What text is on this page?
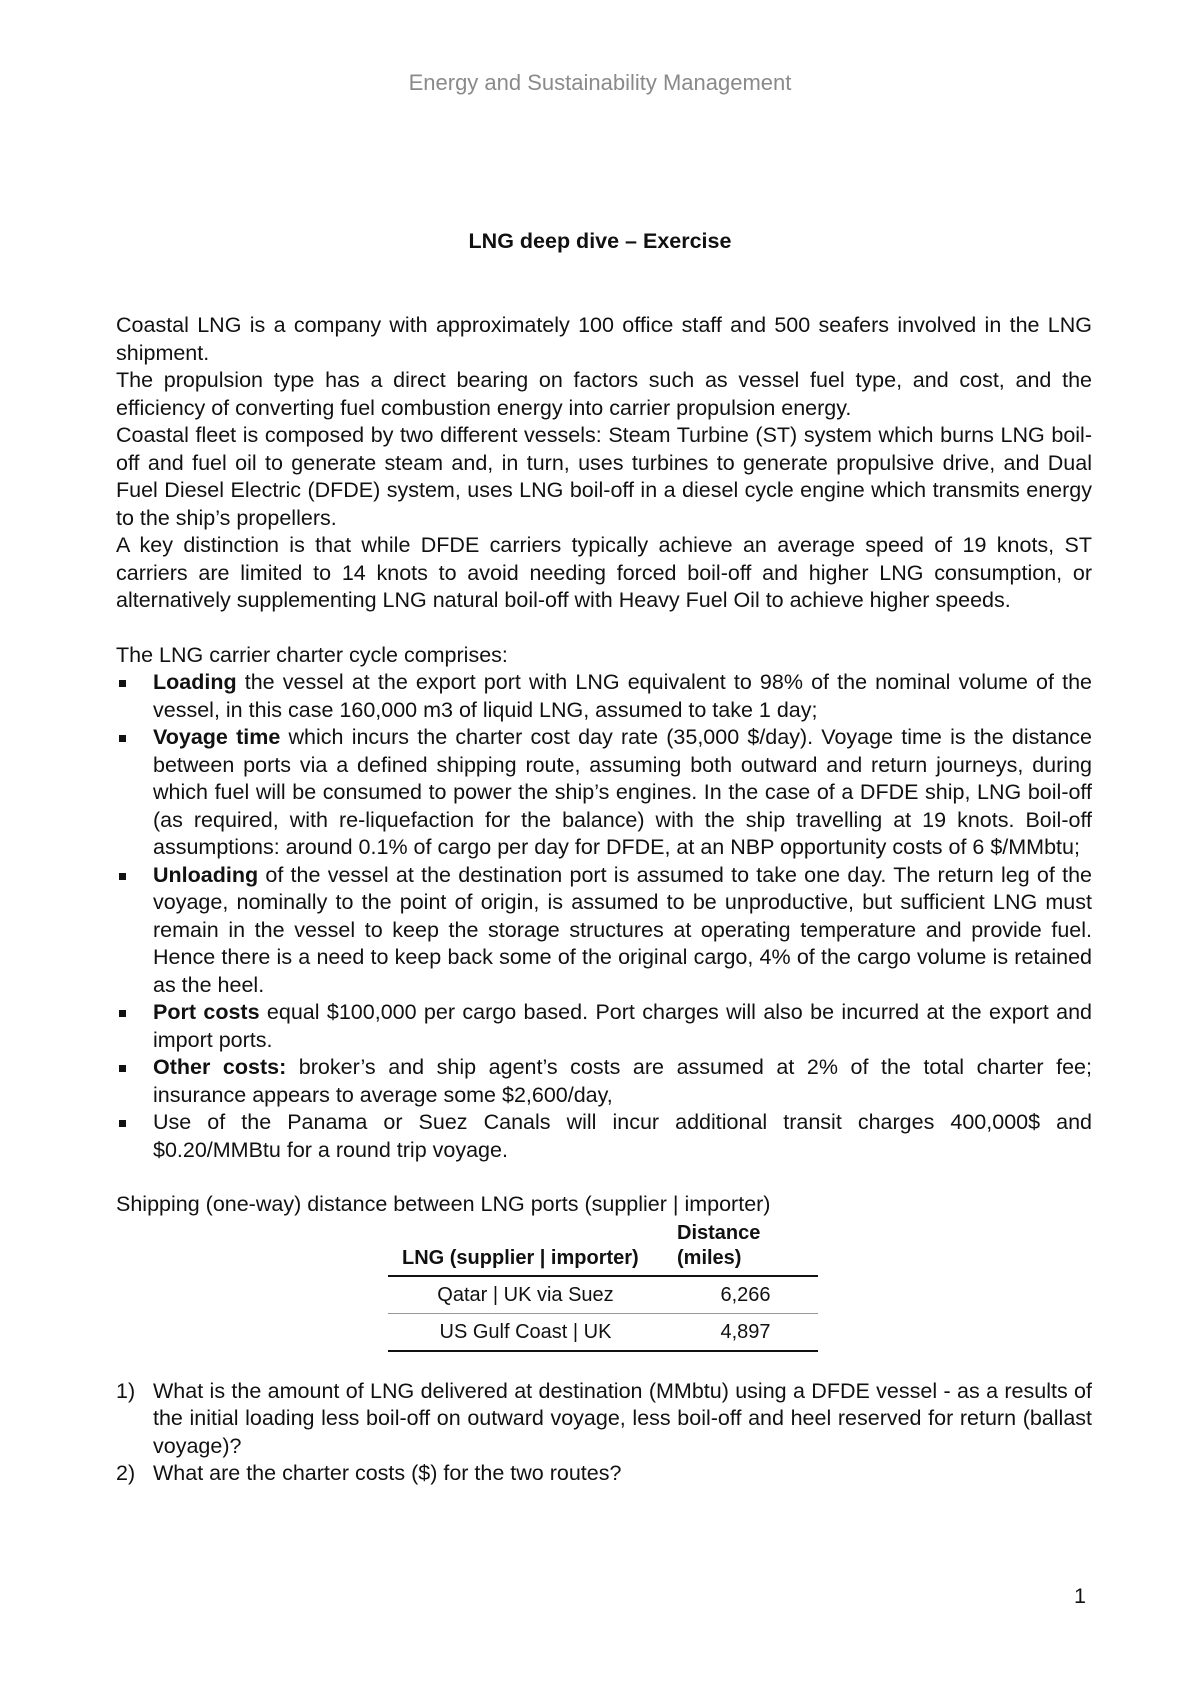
Energy and Sustainability Management
LNG deep dive – Exercise

Coastal LNG is a company with approximately 100 office staff and 500 seafers involved in the LNG shipment.

The propulsion type has a direct bearing on factors such as vessel fuel type, and cost, and the efficiency of converting fuel combustion energy into carrier propulsion energy.

Coastal fleet is composed by two different vessels: Steam Turbine (ST) system which burns LNG boil-off and fuel oil to generate steam and, in turn, uses turbines to generate propulsive drive, and Dual Fuel Diesel Electric (DFDE) system, uses LNG boil-off in a diesel cycle engine which transmits energy to the ship’s propellers.

A key distinction is that while DFDE carriers typically achieve an average speed of 19 knots, ST carriers are limited to 14 knots to avoid needing forced boil-off and higher LNG consumption, or alternatively supplementing LNG natural boil-off with Heavy Fuel Oil to achieve higher speeds.

The LNG carrier charter cycle comprises:

Loading the vessel at the export port with LNG equivalent to 98% of the nominal volume of the vessel, in this case 160,000 m3 of liquid LNG, assumed to take 1 day;
Voyage time which incurs the charter cost day rate (35,000 $/day). Voyage time is the distance between ports via a defined shipping route, assuming both outward and return journeys, during which fuel will be consumed to power the ship’s engines. In the case of a DFDE ship, LNG boil-off (as required, with re-liquefaction for the balance) with the ship travelling at 19 knots. Boil-off assumptions: around 0.1% of cargo per day for DFDE, at an NBP opportunity costs of 6 $/MMbtu;
Unloading of the vessel at the destination port is assumed to take one day. The return leg of the voyage, nominally to the point of origin, is assumed to be unproductive, but sufficient LNG must remain in the vessel to keep the storage structures at operating temperature and provide fuel. Hence there is a need to keep back some of the original cargo, 4% of the cargo volume is retained as the heel.
Port costs equal $100,000 per cargo based. Port charges will also be incurred at the export and import ports.
Other costs: broker’s and ship agent’s costs are assumed at 2% of the total charter fee; insurance appears to average some $2,600/day,
Use of the Panama or Suez Canals will incur additional transit charges 400,000$ and $0.20/MMBtu for a round trip voyage.

Shipping (one-way) distance between LNG ports (supplier | importer)

LNG (supplier | importer)	Distance (miles)
Qatar | UK via Suez	6,266
US Gulf Coast | UK	4,897
1) What is the amount of LNG delivered at destination (MMbtu) using a DFDE vessel - as a results of the initial loading less boil-off on outward voyage, less boil-off and heel reserved for return (ballast voyage)?
2) What are the charter costs ($) for the two routes?
1
